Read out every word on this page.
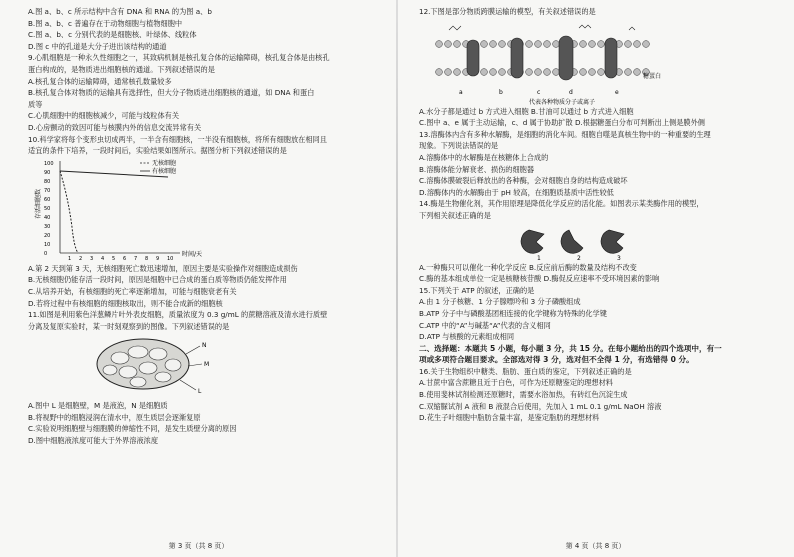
A.图 a、b、c 所示结构中含有 DNA 和 RNA 的为图 a、b
B.图 a、b、c 普遍存在于动物细胞与植物细胞中
C.图 a、b、c 分别代表的是细胞核、叶绿体、线粒体
D.图 c 中的孔道是大分子进出该结构的通道
9.心肌细胞是一种永久性细胞之一，其致病机制是核孔复合体的运输障碍，核孔复合体是由核孔
蛋白构成的，是物质进出细胞核的通道。下列叙述错误的是
A.核孔复合体的运输障碍，通常核孔数量较多
B.核孔复合体对物质的运输具有选择性，但大分子物质进出细胞核的通道，如 DNA 和蛋白
质等
C.心肌细胞中的细胞核减少，可能与线粒体有关
D.心房颤动的致因可能与核膜内外的信息交流异常有关
10.科学家将每个变形虫切成两半，一半含有细胞核，一半没有细胞核，将所有细胞放在相同且
适宜的条件下培养，一段时间后，实验结果如图所示。据图分析下列叙述错误的是
存活细胞数
100
90
80
70
60
50
40
30
20
10
0
1 2 3 4 5 6 7 8 9 10
无核细胞
有核细胞
时间/天
A.第 2 天到第 3 天，无核细胞死亡数迅速增加，原因主要是实验操作对细胞造成损伤
B.无核细胞仍能存活一段时间，原因是细胞中已合成的蛋白质等物质仍能发挥作用
C.从培养开始，有核细胞的死亡率逐渐增加，可能与细胞衰老有关
D.若将过程中有核细胞的细胞核取出，则不能合成新的细胞核
11.如图是利用紫色洋葱鳞片叶外表皮细胞，质量浓度为 0.3 g/mL 的蔗糖溶液及清水进行质壁
分离及复原实验时，某一时刻观察到的图像。下列叙述错误的是
N
M
L
A.图中 L 是细胞壁，M 是液泡，N 是细胞质
B.将视野中的细胞浸润在清水中，原生质层会逐渐复原
C.实验说明细胞壁与细胞膜的伸缩性不同，是发生质壁分离的原因
D.图中细胞液浓度可能大于外界溶液浓度
第 3 页（共 8 页）
12.下图是部分物质跨膜运输的模型，有关叙述错误的是
a	b	c	d	e
糖蛋白
代表各种物质分子或离子
A.水分子都是通过 b 方式进入细胞 B.甘油可以通过 b 方式进入细胞
C.图中 a、e 属于主动运输，c、d 属于协助扩散 D.根据糖蛋白分布可判断出上侧是膜外侧
13.溶酶体内含有多种水解酶，是细胞的消化车间。细胞自噬是真核生物中的一种重要的生理
现象。下列说法错误的是
A.溶酶体中的水解酶是在核糖体上合成的
B.溶酶体能分解衰老、损伤的细胞器
C.溶酶体膜破裂后释放出的各种酶，会对细胞自身的结构造成破坏
D.溶酶体内的水解酶由于 pH 较高，在细胞质基质中活性较低
14.酶是生物催化剂，其作用原理是降低化学反应的活化能。如图表示某类酶作用的模型，
下列相关叙述正确的是
1	2	3
A.一种酶只可以催化一种化学反应 B.反应前后酶的数量及结构不改变
C.酶的基本组成单位一定是核糖核苷酸 D.酶促反应速率不受环境因素的影响
15.下列关于 ATP 的叙述，正确的是
A.由 1 分子核糖、1 分子腺嘌呤和 3 分子磷酸组成
B.ATP 分子中与磷酸基团相连接的化学键称为特殊的化学键
C.ATP 中的“A”与碱基“A”代表的含义相同
D.ATP 与核酸的元素组成相同
二、选择题：本题共 5 小题，每小题 3 分，共 15 分。在每小题给出的四个选项中，有一
项或多项符合题目要求。全部选对得 3 分，选对但不全得 1 分，有选错得 0 分。
16.关于生物组织中糖类、脂肪、蛋白质的鉴定，下列叙述正确的是
A.甘蔗中富含蔗糖且近于白色，可作为还原糖鉴定的理想材料
B.使用斐林试剂检测还原糖时，需要水浴加热，有砖红色沉淀生成
C.双缩脲试剂 A 液和 B 液混合后使用，先加入 1 mL 0.1 g/mL NaOH 溶液
D.花生子叶细胞中脂肪含量丰富，是鉴定脂肪的理想材料
第 4 页（共 8 页）
